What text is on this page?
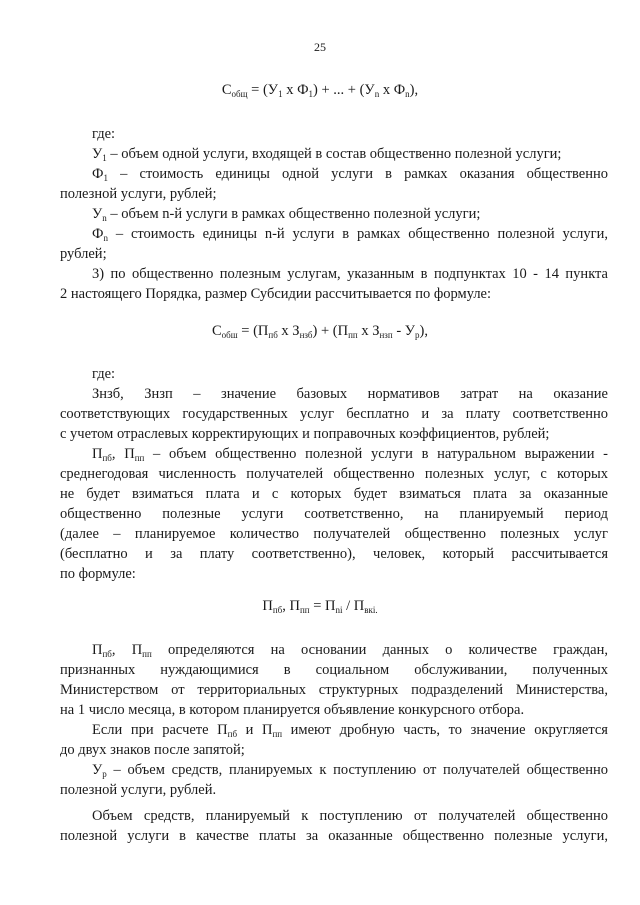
25
$С_{общ} = (У_1$ x $Ф_1$) + ... + ($У_n$ x $Ф_n$),
где:
$У_1$ – объем одной услуги, входящей в состав общественно полезной услуги;
$Ф_1$ – стоимость единицы одной услуги в рамках оказания общественно
полезной услуги, рублей;
$У_n$ – объем n-й услуги в рамках общественно полезной услуги;
$Ф_n$ – стоимость единицы n-й услуги в рамках общественно полезной услуги,
рублей;
3) по общественно полезным услугам, указанным в подпунктах 10 - 14 пункта
2 настоящего Порядка, размер Субсидии рассчитывается по формуле:
$С_{обш} = (П_{пб}$ x $З_{нзб}) + (П_{пп}$ x $З_{нзп} - У_р$),
где:
Знзб, Знзп – значение базовых нормативов затрат на оказание
соответствующих государственных услуг бесплатно и за плату соответственно
с учетом отраслевых корректирующих и поправочных коэффициентов, рублей;
$П_{пб}$, $П_{пп}$ – объем общественно полезной услуги в натуральном выражении -
среднегодовая численность получателей общественно полезных услуг, с которых
не будет взиматься плата и с которых будет взиматься плата за оказанные
общественно полезные услуги соответственно, на планируемый период
(далее – планируемое количество получателей общественно полезных услуг
(бесплатно и за плату соответственно), человек, который рассчитывается
по формуле:
$П_{пб}$, $П_{пп} = П_{ni} / П_{вкi.}$
$П_{пб}$, $П_{пп}$ определяются на основании данных о количестве граждан,
признанных нуждающимися в социальном обслуживании, полученных
Министерством от территориальных структурных подразделений Министерства,
на 1 число месяца, в котором планируется объявление конкурсного отбора.
Если при расчете $П_{пб}$ и $П_{пп}$ имеют дробную часть, то значение округляется
до двух знаков после запятой;
$У_р$ – объем средств, планируемых к поступлению от получателей общественно
полезной услуги, рублей.
Объем средств, планируемый к поступлению от получателей общественно
полезной услуги в качестве платы за оказанные общественно полезные услуги,
